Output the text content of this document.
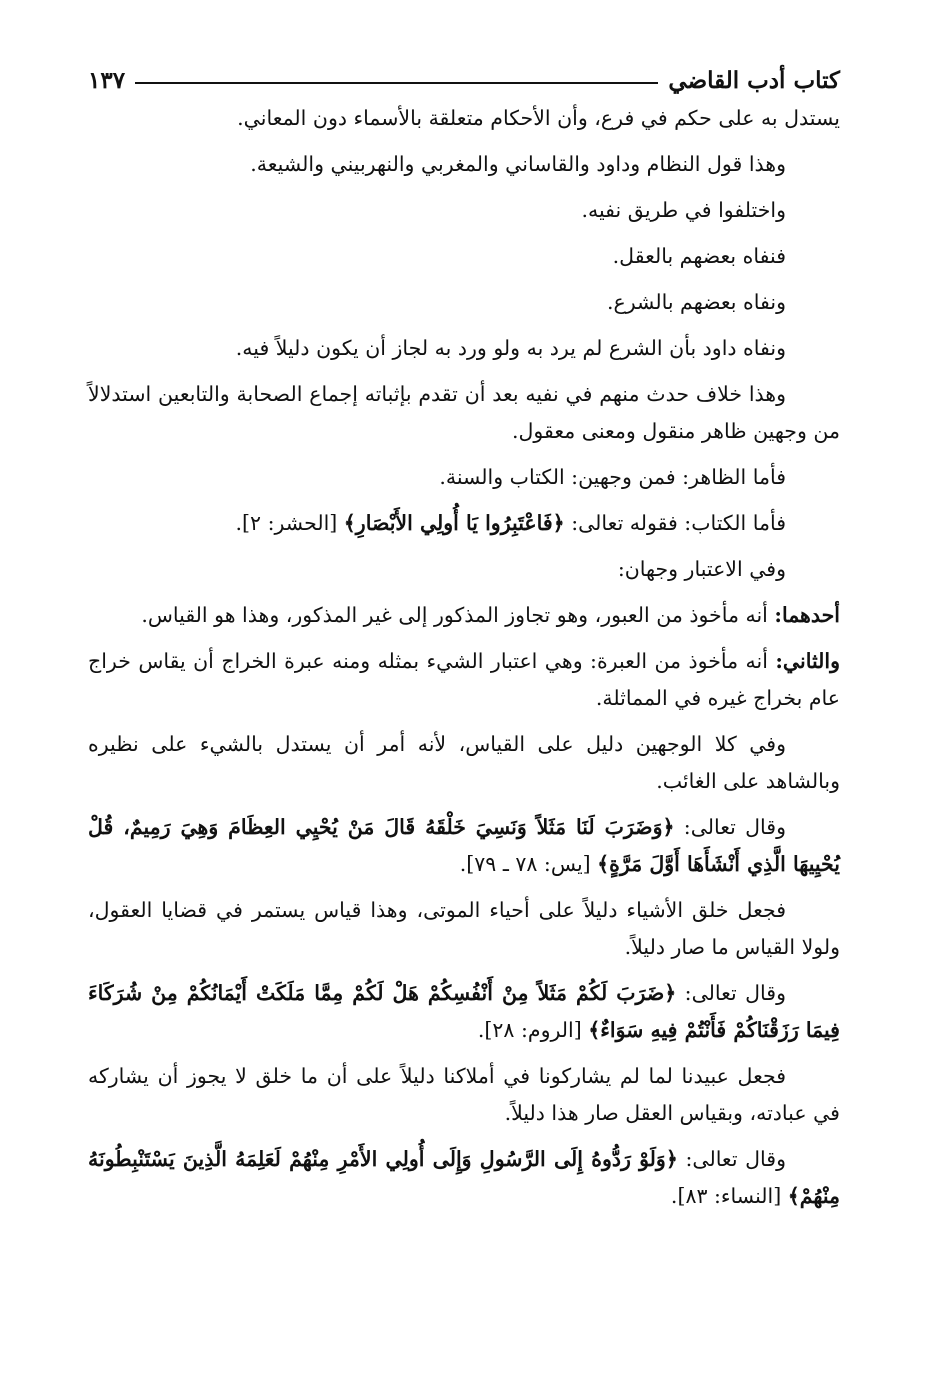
كتاب أدب القاضي
١٣٧

يستدل به على حكم في فرع، وأن الأحكام متعلقة بالأسماء دون المعاني.

وهذا قول النظام وداود والقاساني والمغربي والنهربيني والشيعة.

واختلفوا في طريق نفيه.

فنفاه بعضهم بالعقل.

ونفاه بعضهم بالشرع.

ونفاه داود بأن الشرع لم يرد به ولو ورد به لجاز أن يكون دليلاً فيه.

وهذا خلاف حدث منهم في نفيه بعد أن تقدم بإثباته إجماع الصحابة والتابعين استدلالاً من وجهين ظاهر منقول ومعنى معقول.

فأما الظاهر: فمن وجهين: الكتاب والسنة.

فأما الكتاب: فقوله تعالى: ﴿فَاعْتَبِرُوا يَا أُولِي الأَبْصَارِ﴾ [الحشر: ٢].

وفي الاعتبار وجهان:

أحدهما: أنه مأخوذ من العبور، وهو تجاوز المذكور إلى غير المذكور، وهذا هو القياس.

والثاني: أنه مأخوذ من العبرة: وهي اعتبار الشيء بمثله ومنه عبرة الخراج أن يقاس خراج عام بخراج غيره في المماثلة.

وفي كلا الوجهين دليل على القياس، لأنه أمر أن يستدل بالشيء على نظيره وبالشاهد على الغائب.

وقال تعالى: ﴿وَضَرَبَ لَنَا مَثَلاً وَنَسِيَ خَلْقَهُ قَالَ مَنْ يُحْيِي العِظَامَ وَهِيَ رَمِيمٌ، قُلْ يُحْيِيهَا الَّذِي أَنْشَأَهَا أَوَّلَ مَرَّةٍ﴾ [يس: ٧٨ ـ ٧٩].

فجعل خلق الأشياء دليلاً على أحياء الموتى، وهذا قياس يستمر في قضايا العقول، ولولا القياس ما صار دليلاً.

وقال تعالى: ﴿ضَرَبَ لَكُمْ مَثَلاً مِنْ أَنْفُسِكُمْ هَلْ لَكُمْ مِمَّا مَلَكَتْ أَيْمَانُكُمْ مِنْ شُرَكَاءَ فِيمَا رَزَقْنَاكُمْ فَأَنْتُمْ فِيهِ سَوَاءٌ﴾ [الروم: ٢٨].

فجعل عبيدنا لما لم يشاركونا في أملاكنا دليلاً على أن ما خلق لا يجوز أن يشاركه في عبادته، وبقياس العقل صار هذا دليلاً.

وقال تعالى: ﴿وَلَوْ رَدُّوهُ إِلَى الرَّسُولِ وَإِلَى أُولِي الأَمْرِ مِنْهُمْ لَعَلِمَهُ الَّذِينَ يَسْتَنْبِطُونَهُ مِنْهُمْ﴾ [النساء: ٨٣].
